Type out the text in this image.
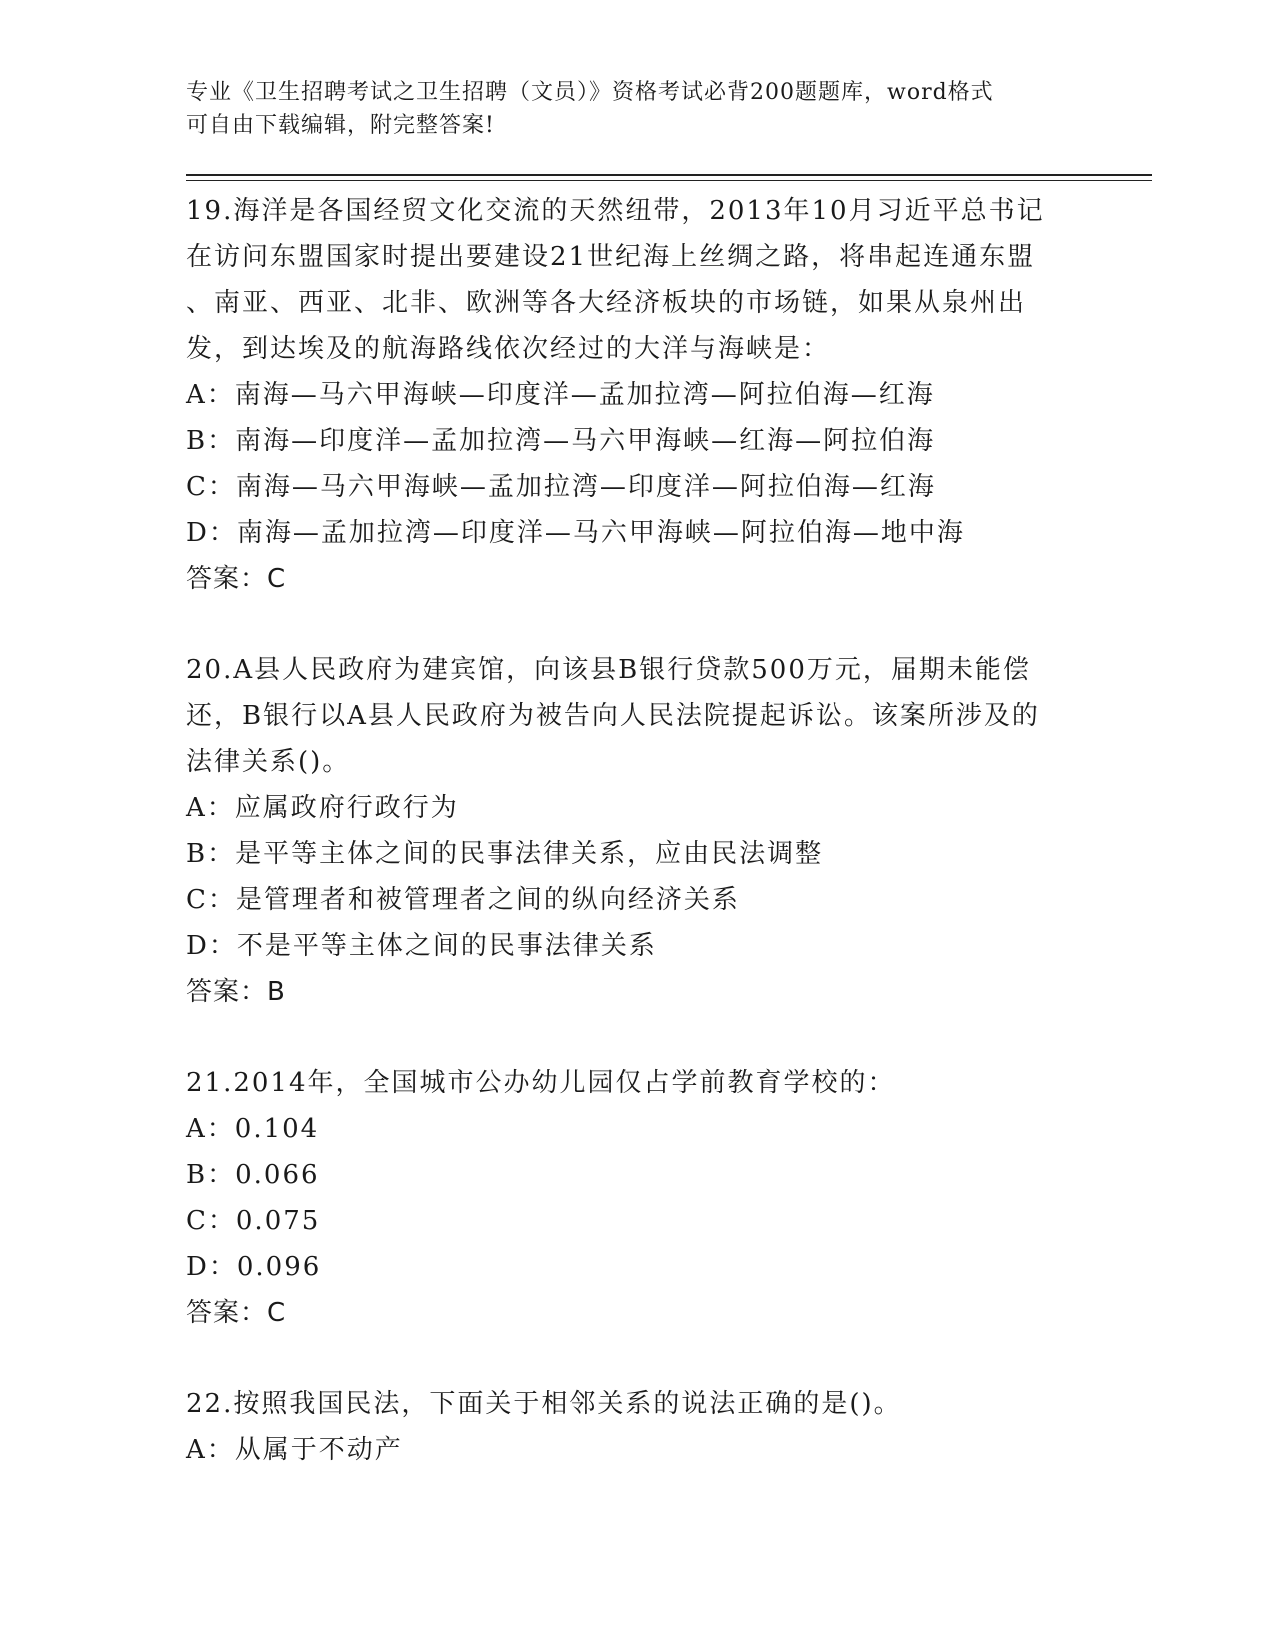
专业《卫生招聘考试之卫生招聘（文员）》资格考试必背200题题库，word格式
可自由下载编辑，附完整答案!
19.海洋是各国经贸文化交流的天然纽带，2013年10月习近平总书记
在访问东盟国家时提出要建设21世纪海上丝绸之路，将串起连通东盟
、南亚、西亚、北非、欧洲等各大经济板块的市场链，如果从泉州出
发，到达埃及的航海路线依次经过的大洋与海峡是：
A：南海—马六甲海峡—印度洋—孟加拉湾—阿拉伯海—红海
B：南海—印度洋—孟加拉湾—马六甲海峡—红海—阿拉伯海
C：南海—马六甲海峡—孟加拉湾—印度洋—阿拉伯海—红海
D：南海—孟加拉湾—印度洋—马六甲海峡—阿拉伯海—地中海
答案：C
20.A县人民政府为建宾馆，向该县B银行贷款500万元，届期未能偿
还，B银行以A县人民政府为被告向人民法院提起诉讼。该案所涉及的
法律关系()。
A：应属政府行政行为
B：是平等主体之间的民事法律关系，应由民法调整
C：是管理者和被管理者之间的纵向经济关系
D：不是平等主体之间的民事法律关系
答案：B
21.2014年，全国城市公办幼儿园仅占学前教育学校的：
A：0.104
B：0.066
C：0.075
D：0.096
答案：C
22.按照我国民法，下面关于相邻关系的说法正确的是()。
A：从属于不动产
